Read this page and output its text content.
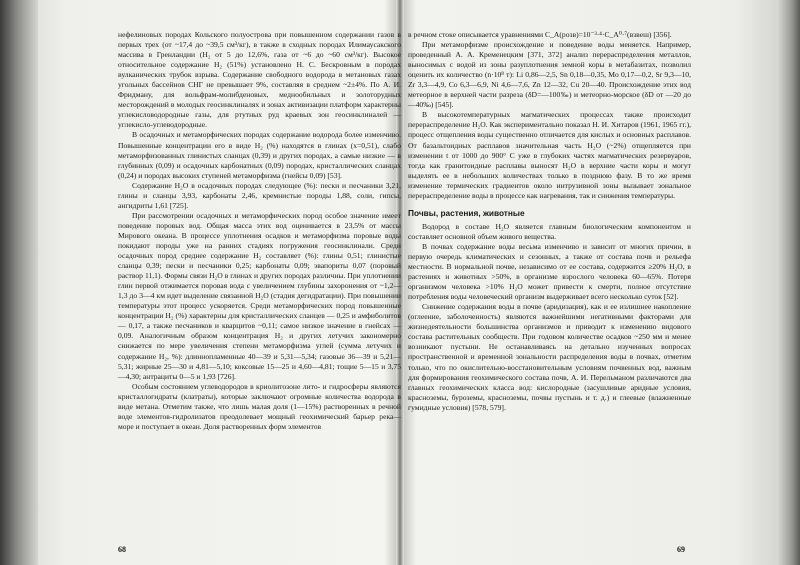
нефелиновых породах Кольского полуострова при повышенном содержании газов в первых трех (от ~17,4 до ~39,5 см³/кг), в также в сходных породах Илимаусакского массива в Гренландии (Н₂ от 5 до 12,6%, газа от ~6 до ~60 см³/кг). Высокое относительное содержание Н₂ (51%) установлено Н. С. Бескровным в породах вулканических трубок взрыва. Содержание свободного водорода в метановых газах угольных бассейнов СНГ не превышает 9%, составляя в среднем ~2±4%. По А. И. Фридману, для вольфрам-молибденовых, меднообильных и золоторудных месторождений в молодых геосинклиналях и зонах активизации платформ характерны углекисловодородные газы, для ртутных руд краевых зон геосинклиналей — углекисло-углеводородные.

В осадочных и метаморфических породах содержание водорода более изменчиво. Повышенные концентрации его в виде Н₂ (%) находятся в глинах (x=0,51), слабо метаморфизованных глинистых сланцах (0,39) и других породах, а самые низкие — в глубинных (0,09) и осадочных карбонатных (0,09) породах, кристаллических сланцах (0,24) и породах высоких ступеней метаморфизма (гнейсы 0,09) [53].

Содержание Н₂О в осадочных породах следующее (%): пески и песчаники 3,21, глины и сланцы 3,93, карбонаты 2,46, кремнистые породы 1,88, соли, гипсы, ангидриты 1,61 [725].

При рассмотрении осадочных и метаморфических пород особое значение имеет поведение поровых вод. Общая масса этих вод оценивается в 23,5% от массы Мирового океана. В процессе уплотнения осадков и метаморфизма поровые воды покидают породы уже на ранних стадиях погружения геосинклинали. Среди осадочных пород среднее содержание Н₂ составляет (%): глины 0,51; глинистые сланцы 0,39; пески и песчаники 0,25; карбонаты 0,09; эвапориты 0,07 (поровый раствор 11,1). Формы связи Н₂О в глинах и других породах различны. При уплотнении глин первой отжимается поровая вода с увеличением глубины захоронения от ~1,2—1,3 до 3—4 км идет выделение связанной Н₂О (стадия дегидратации). При повышении температуры этот процесс ускоряется. Среди метаморфических пород повышенные концентрации Н₂ (%) характерны для кристаллических сланцев — 0,25 и амфиболитов — 0,17, а также песчаников и кварцитов ~0,11; самое низкое значение в гнейсах — 0,09. Аналогичным образом концентрация Н₂ и других летучих закономерно снижается по мере увеличения степени метаморфизма углей (сумма летучих и содержание Н₂, %): длиннопламенные 40—39 и 5,31—5,34; газовые 36—39 и 5,21—5,31; жирные 25—30 и 4,81—5,10; коксовые 15—25 и 4,60—4,81; тощие 5—15 и 3,75—4,30; антрациты 0—5 и 1,93 [726].

Особым состоянием углеводородов в криолитозоне лито- и гидросферы являются кристаллогидраты (клатраты), которые заключают огромные количества водорода в виде метана. Отметим также, что лишь малая доля (1—15%) растворенных в речной воде элементов-гидролизатов преодолевает мощный геохимический барьер река—море и поступает в океан. Доля растворенных форм элементов

в речном стоке описывается уравнениями C_A(розв)=10⁻³·⁴·C_A⁰·⁷(взвеш) [356].

При метаморфизме происхождение и поведение воды меняется. Например, проведенный А. А. Кременецким [371, 372] анализ перераспределения металлов, выносимых с водой из зоны разуплотнения земной коры в метабазитах, позволил оценить их количество (n·10⁸ т): Li 0,86—2,5, Sn 0,18—0,35, Mo 0,17—0,2, Sr 9,3—10, Zr 3,3—4,9, Co 6,3—6,9, Ni 4,6—7,6, Zn 12—32, Cu 20—40. Происхождение этих вод метеорное в верхней части разреза (δD=—100‰) и метеорно-морское (δD от —20 до —40‰) [545].

В высокотемпературных магматических процессах также происходит перераспределение Н₂О. Как экспериментально показал Н. И. Хитаров (1961, 1965 гг.), процесс отщепления воды существенно отличается для кислых и основных расплавов. От базальтоидных расплавов значительная часть Н₂О (~2%) отщепляется при изменении t от 1000 до 900° С уже в глубоких частях магматических резервуаров, тогда как гранитоидные расплавы выносят Н₂О в верхние части коры и могут выделять ее в небольших количествах только в позднюю фазу. В то же время изменение термических градиентов около интрузивной зоны вызывает зональное перераспределение воды в процессе как нагревания, так и снижения температуры.

Почвы, растения, животные

Водород в составе Н₂О является главным биологическим компонентом и составляет основной объем живого вещества.

В почвах содержание воды весьма изменчиво и зависит от многих причин, в первую очередь климатических и сезонных, а также от состава почв и рельефа местности. В нормальной почве, независимо от ее состава, содержится ≥20% Н₂О, в растениях и животных >50%, в организме взрослого человека 60—65%. Потеря организмом человека >10% Н₂О может привести к смерти, полное отсутствие потребления воды человеческий организм выдерживает всего несколько суток [52].

Снижение содержания воды в почве (аридизация), как и ее излишнее накопление (оглеение, заболоченность) являются важнейшими негативными факторами для жизнедеятельности большинства организмов и приводит к изменению видового состава растительных сообществ. При годовом количестве осадков ~250 мм и менее возникают пустыни. Не останавливаясь на детально изученных вопросах пространственной и временной зональности распределения воды в почвах, отметим только, что по окислительно-восстановительным условиям почвенных вод, важным для формирования геохимического состава почв, А. И. Перельманом различаются два главных геохимических класса вод: кислородные (засушливые аридные условия, красноземы, буроземы, красноземы, почвы пустынь и т. д.) и глеевые (влажненные гумидные условия) [578, 579].

68	69
